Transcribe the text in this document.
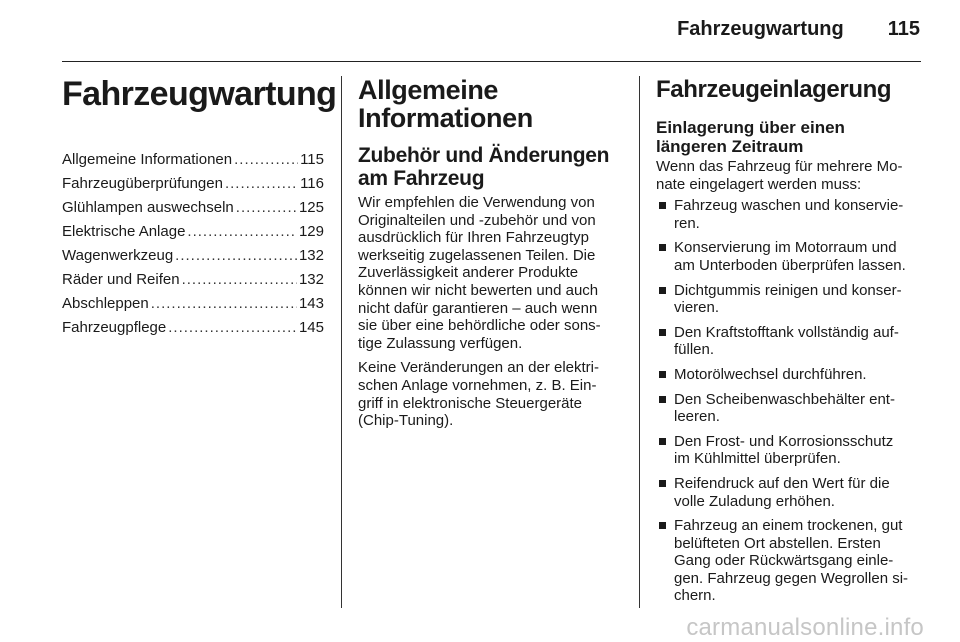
Fahrzeugwartung 115
Fahrzeugwartung
Allgemeine Informationen .....	115
Fahrzeugüberprüfungen .....	116
Glühlampen auswechseln .....	125
Elektrische Anlage .....	129
Wagenwerkzeug .....	132
Räder und Reifen .....	132
Abschleppen .....	143
Fahrzeugpflege .....	145
Allgemeine
Informationen
Zubehör und Änderungen
am Fahrzeug

Wir empfehlen die Verwendung von
Originalteilen und -zubehör und von
ausdrücklich für Ihren Fahrzeugtyp
werkseitig zugelassenen Teilen. Die
Zuverlässigkeit anderer Produkte
können wir nicht bewerten und auch
nicht dafür garantieren – auch wenn
sie über eine behördliche oder sons-
tige Zulassung verfügen.

Keine Veränderungen an der elektri-
schen Anlage vornehmen, z. B. Ein-
griff in elektronische Steuergeräte
(Chip-Tuning).

Fahrzeugeinlagerung
Einlagerung über einen
längeren Zeitraum

Wenn das Fahrzeug für mehrere Mo-
nate eingelagert werden muss:

Fahrzeug waschen und konservie-
ren.
Konservierung im Motorraum und
am Unterboden überprüfen lassen.
Dichtgummis reinigen und konser-
vieren.
Den Kraftstofftank vollständig auf-
füllen.
Motorölwechsel durchführen.
Den Scheibenwaschbehälter ent-
leeren.
Den Frost- und Korrosionsschutz
im Kühlmittel überprüfen.
Reifendruck auf den Wert für die
volle Zuladung erhöhen.
Fahrzeug an einem trockenen, gut
belüfteten Ort abstellen. Ersten
Gang oder Rückwärtsgang einle-
gen. Fahrzeug gegen Wegrollen si-
chern.
carmanualsonline.info
